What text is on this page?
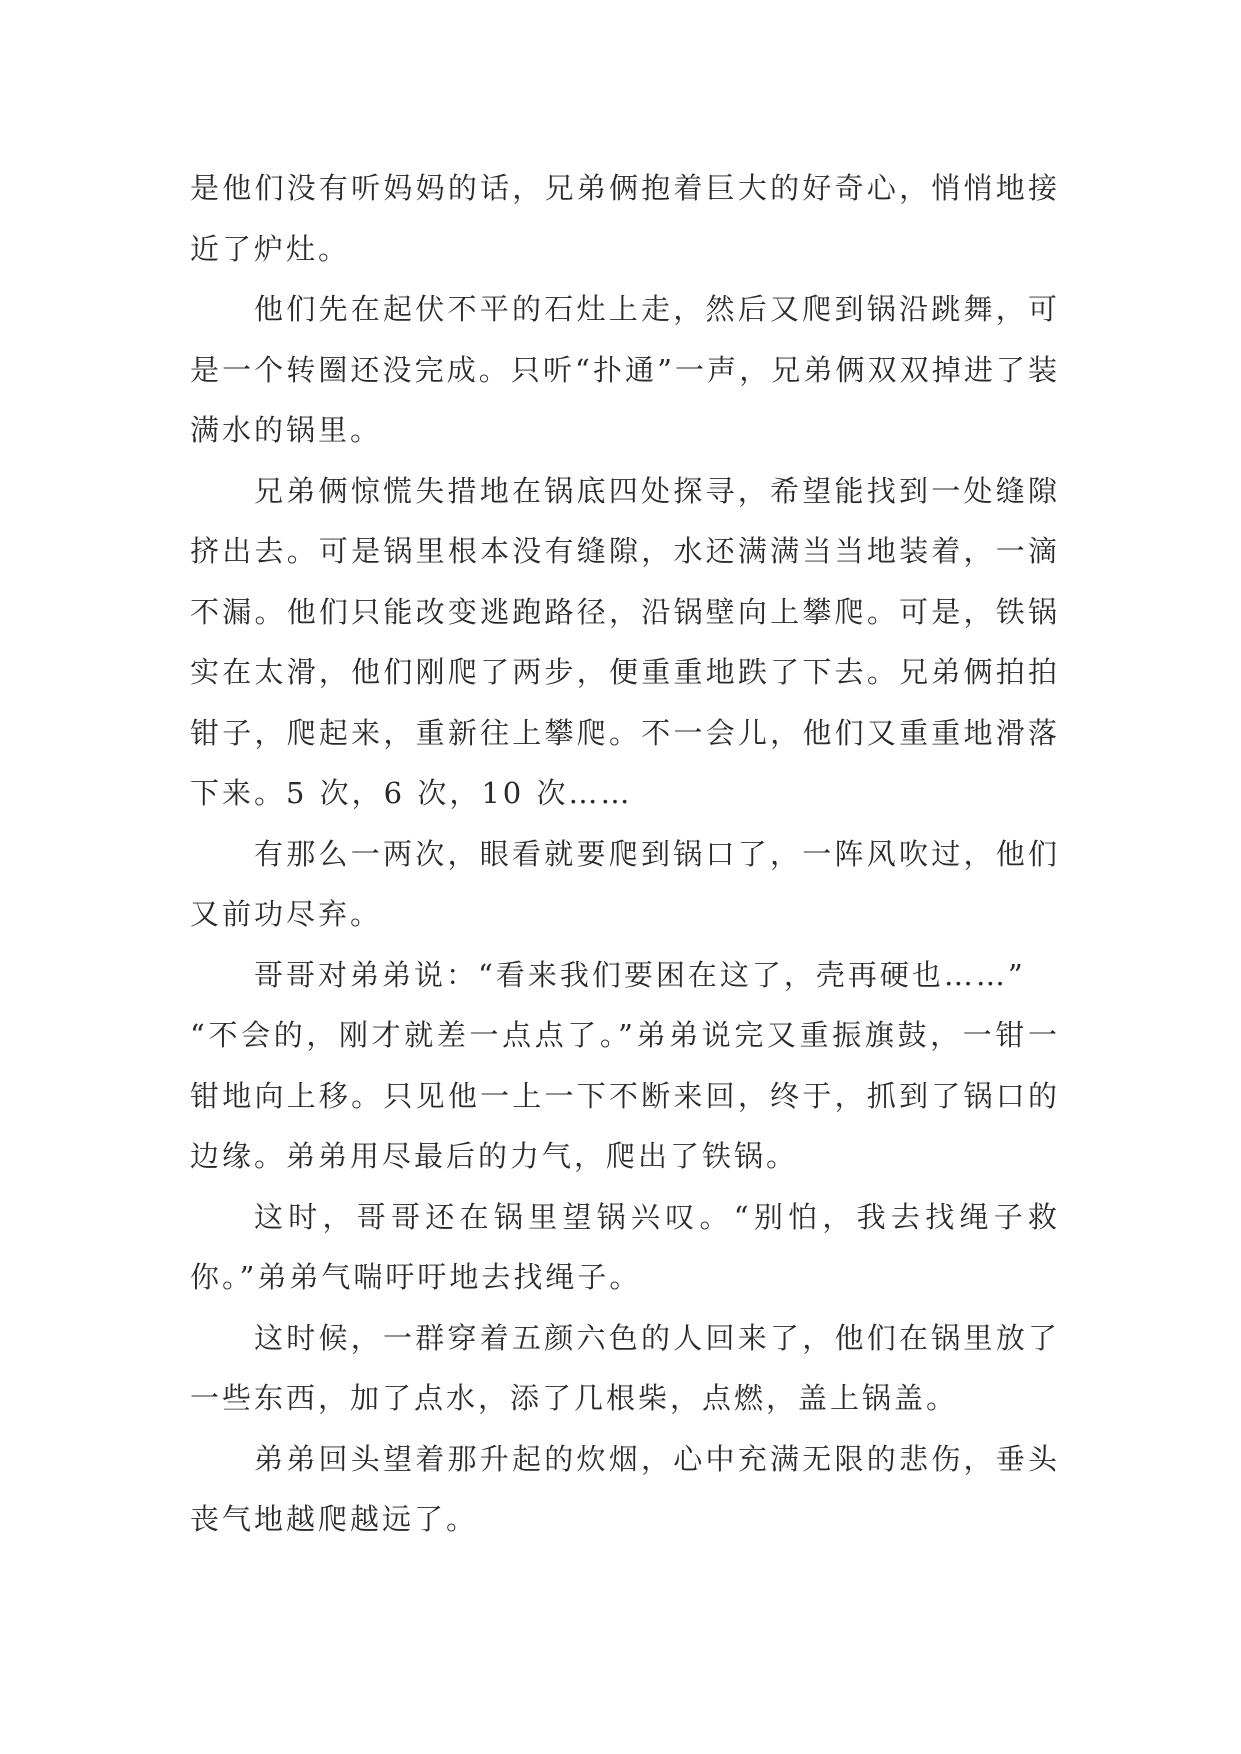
是他们没有听妈妈的话，兄弟俩抱着巨大的好奇心，悄悄地接近了炉灶。

他们先在起伏不平的石灶上走，然后又爬到锅沿跳舞，可是一个转圈还没完成。只听“扑通”一声，兄弟俩双双掉进了装满水的锅里。

兄弟俩惊慌失措地在锅底四处探寻，希望能找到一处缝隙挤出去。可是锅里根本没有缝隙，水还满满当当地装着，一滴不漏。他们只能改变逃跑路径，沿锅壁向上攀爬。可是，铁锅实在太滑，他们刚爬了两步，便重重地跌了下去。兄弟俩拍拍钳子，爬起来，重新往上攀爬。不一会儿，他们又重重地滑落下来。5 次，6 次，10 次……

有那么一两次，眼看就要爬到锅口了，一阵风吹过，他们又前功尽弃。

哥哥对弟弟说：“看来我们要困在这了，壳再硬也……”

“不会的，刚才就差一点点了。”弟弟说完又重振旗鼓，一钳一钳地向上移。只见他一上一下不断来回，终于，抓到了锅口的边缘。弟弟用尽最后的力气，爬出了铁锅。

这时，哥哥还在锅里望锅兴叹。“别怕，我去找绳子救你。”弟弟气喘吁吁地去找绳子。

这时候，一群穿着五颜六色的人回来了，他们在锅里放了一些东西，加了点水，添了几根柴，点燃，盖上锅盖。

弟弟回头望着那升起的炊烟，心中充满无限的悲伤，垂头丧气地越爬越远了。
